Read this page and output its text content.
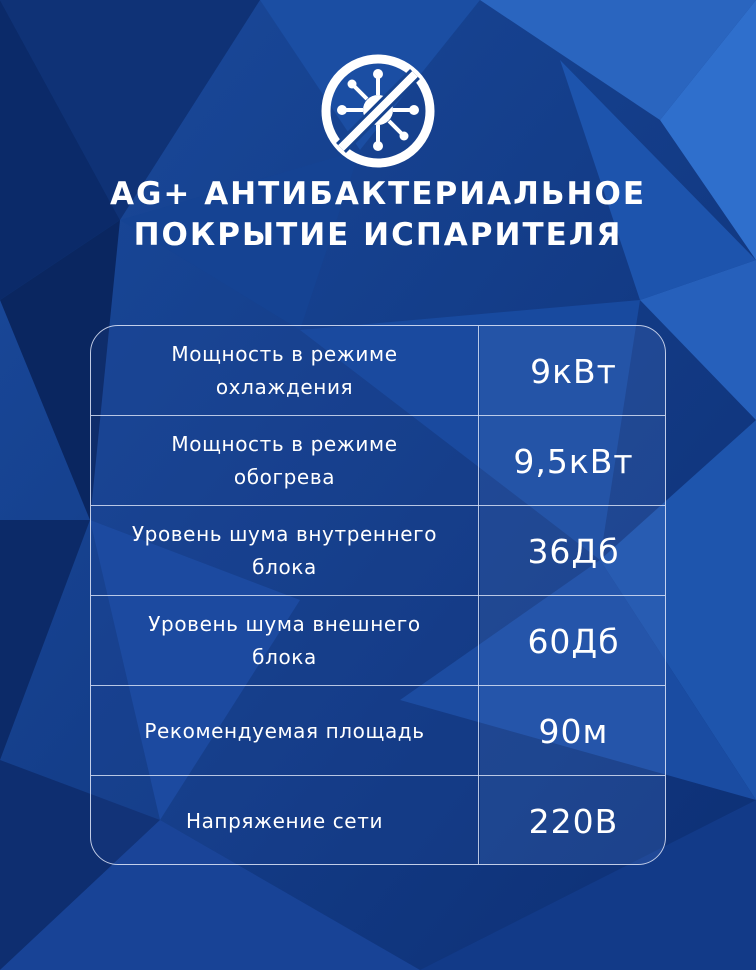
AG+ АНТИБАКТЕРИАЛЬНОЕ
ПОКРЫТИЕ ИСПАРИТЕЛЯ
Мощность в режиме
охлаждения	9кВт
Мощность в режиме
обогрева	9,5кВт
Уровень шума внутреннего
блока	36Дб
Уровень шума внешнего
блока	60Дб
Рекомендуемая площадь	90м
Напряжение сети	220В
